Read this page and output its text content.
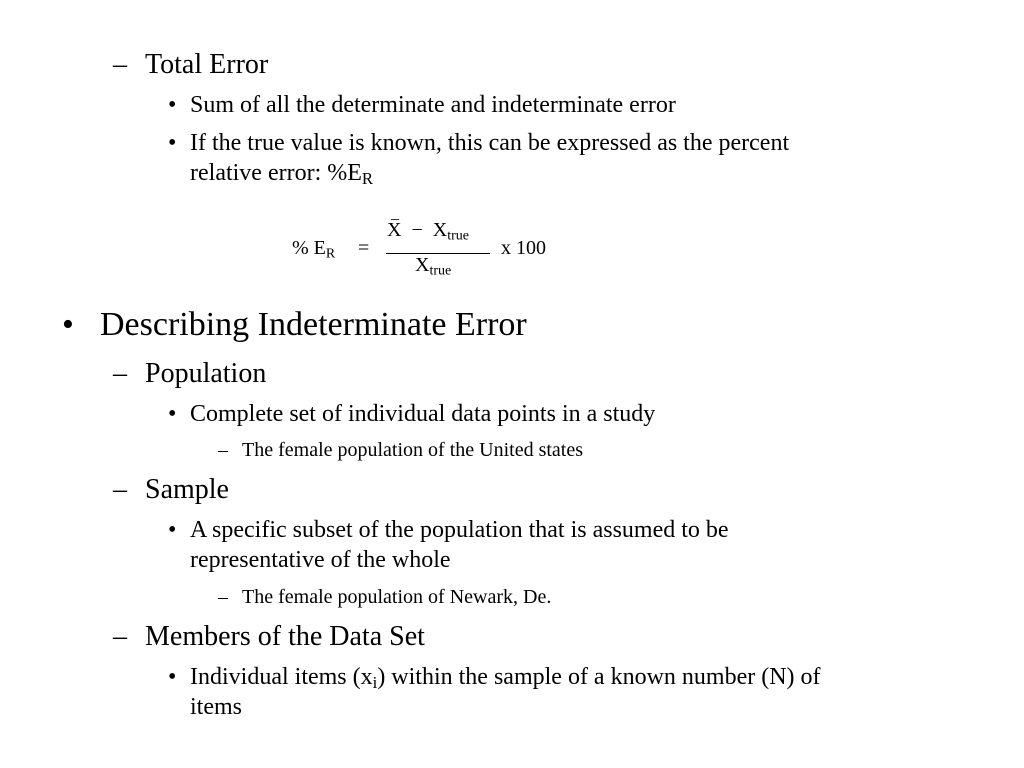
– Total Error
• Sum of all the determinate and indeterminate error
• If the true value is known, this can be expressed as the percent
relative error: $\%E_R$
% $E_R$ =
_
$X - X_{true}$
$X_{true}$
x 100
• Describing Indeterminate Error
– Population
• Complete set of individual data points in a study
– The female population of the United states
– Sample
• A specific subset of the population that is assumed to be
representative of the whole
– The female population of Newark, De.
– Members of the Data Set
• Individual items $(x_i)$ within the sample of a known number (N) of
items
